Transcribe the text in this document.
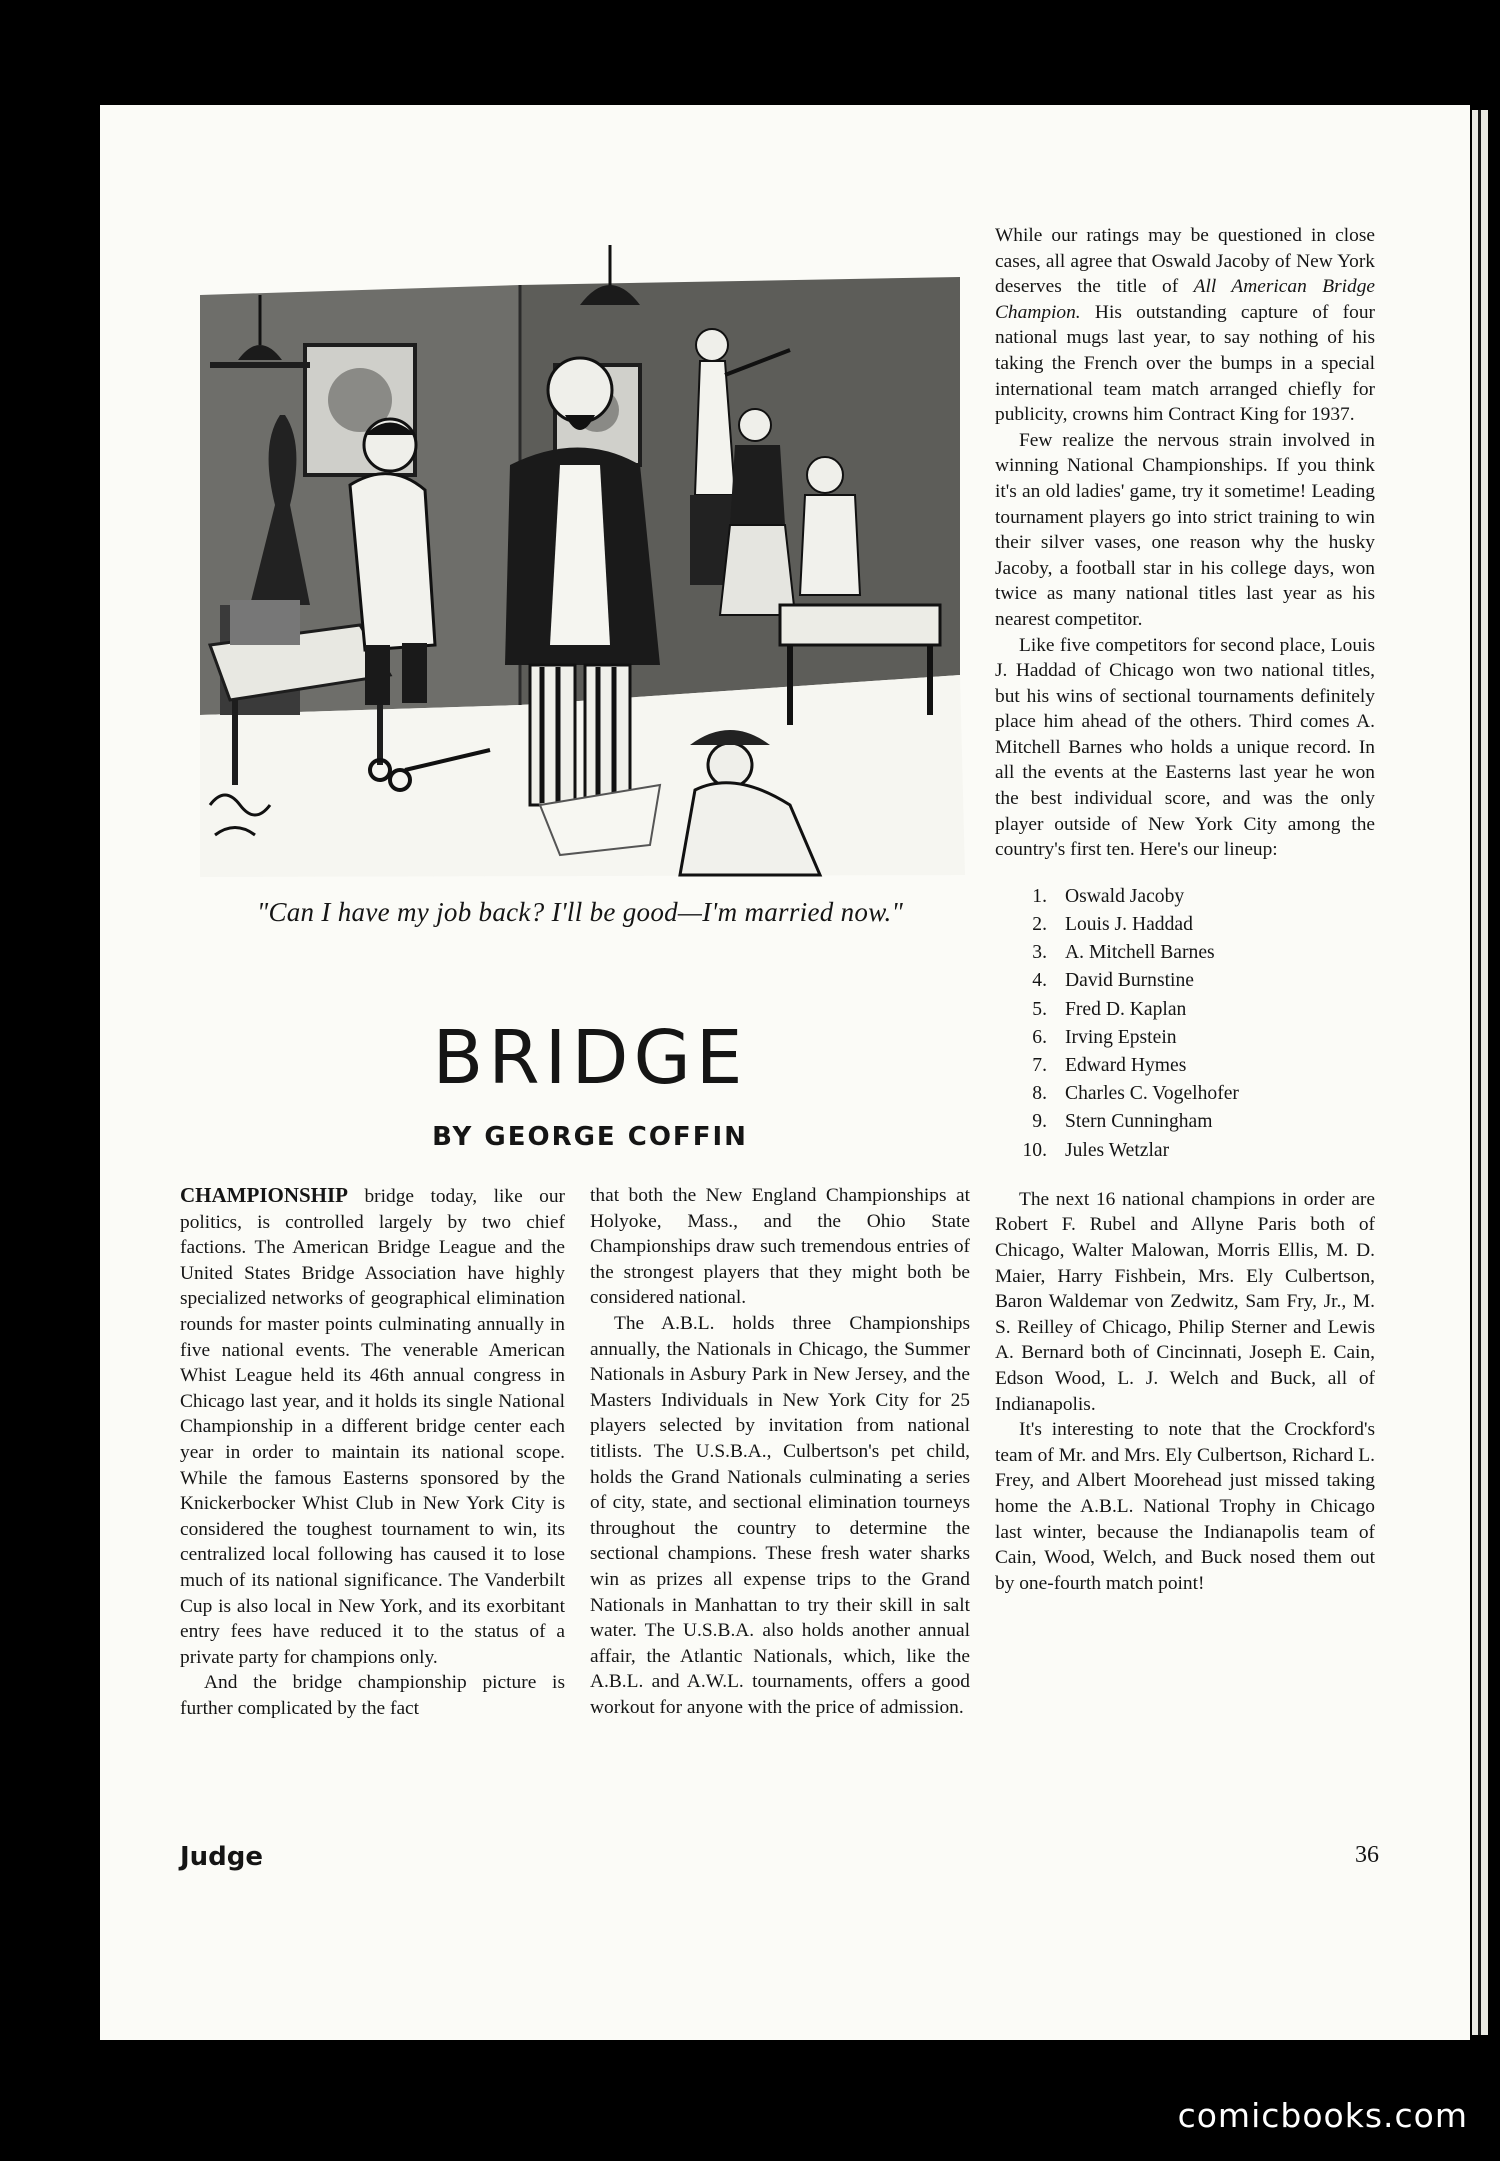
"Can I have my job back? I'll be good—I'm married now."
BRIDGE
BY GEORGE COFFIN

CHAMPIONSHIP bridge today, like our politics, is controlled largely by two chief factions. The American Bridge League and the United States Bridge Association have highly specialized networks of geographical elimination rounds for master points culminating annually in five national events. The venerable American Whist League held its 46th annual congress in Chicago last year, and it holds its single National Championship in a different bridge center each year in order to maintain its national scope. While the famous Easterns sponsored by the Knickerbocker Whist Club in New York City is considered the toughest tournament to win, its centralized local following has caused it to lose much of its national significance. The Vanderbilt Cup is also local in New York, and its exorbitant entry fees have reduced it to the status of a private party for champions only.

And the bridge championship picture is further complicated by the fact

that both the New England Championships at Holyoke, Mass., and the Ohio State Championships draw such tremendous entries of the strongest players that they might both be considered national.

The A.B.L. holds three Championships annually, the Nationals in Chicago, the Summer Nationals in Asbury Park in New Jersey, and the Masters Individuals in New York City for 25 players selected by invitation from national titlists. The U.S.B.A., Culbertson's pet child, holds the Grand Nationals culminating a series of city, state, and sectional elimination tourneys throughout the country to determine the sectional champions. These fresh water sharks win as prizes all expense trips to the Grand Nationals in Manhattan to try their skill in salt water. The U.S.B.A. also holds another annual affair, the Atlantic Nationals, which, like the A.B.L. and A.W.L. tournaments, offers a good workout for anyone with the price of admission.

While our ratings may be questioned in close cases, all agree that Oswald Jacoby of New York deserves the title of All American Bridge Champion. His outstanding capture of four national mugs last year, to say nothing of his taking the French over the bumps in a special international team match arranged chiefly for publicity, crowns him Contract King for 1937.

Few realize the nervous strain involved in winning National Championships. If you think it's an old ladies' game, try it sometime! Leading tournament players go into strict training to win their silver vases, one reason why the husky Jacoby, a football star in his college days, won twice as many national titles last year as his nearest competitor.

Like five competitors for second place, Louis J. Haddad of Chicago won two national titles, but his wins of sectional tournaments definitely place him ahead of the others. Third comes A. Mitchell Barnes who holds a unique record. In all the events at the Easterns last year he won the best individual score, and was the only player outside of New York City among the country's first ten. Here's our lineup:

1. Oswald Jacoby
2. Louis J. Haddad
3. A. Mitchell Barnes
4. David Burnstine
5. Fred D. Kaplan
6. Irving Epstein
7. Edward Hymes
8. Charles C. Vogelhofer
9. Stern Cunningham
10. Jules Wetzlar

The next 16 national champions in order are Robert F. Rubel and Allyne Paris both of Chicago, Walter Malowan, Morris Ellis, M. D. Maier, Harry Fishbein, Mrs. Ely Culbertson, Baron Waldemar von Zedwitz, Sam Fry, Jr., M. S. Reilley of Chicago, Philip Sterner and Lewis A. Bernard both of Cincinnati, Joseph E. Cain, Edson Wood, L. J. Welch and Buck, all of Indianapolis.

It's interesting to note that the Crockford's team of Mr. and Mrs. Ely Culbertson, Richard L. Frey, and Albert Moorehead just missed taking home the A.B.L. National Trophy in Chicago last winter, because the Indianapolis team of Cain, Wood, Welch, and Buck nosed them out by one-fourth match point!

Judge	36
comicbooks.com
